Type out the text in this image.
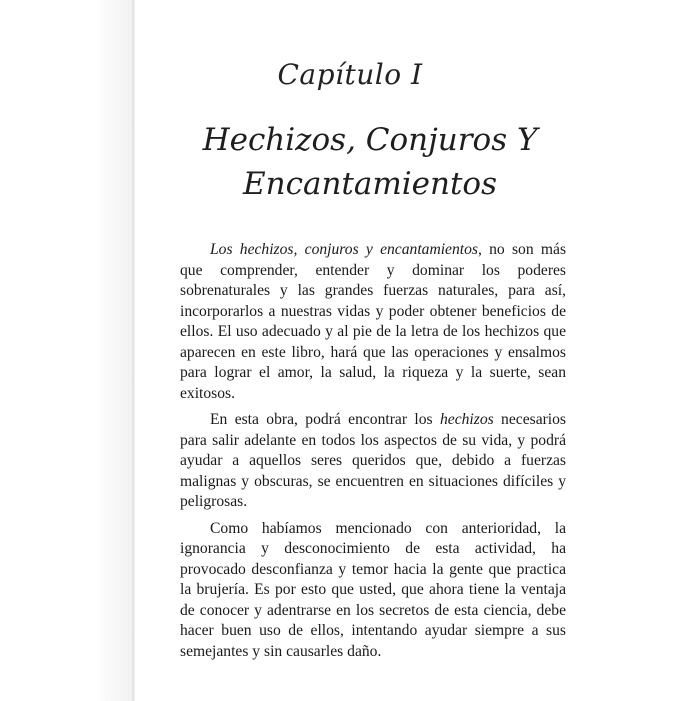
Capítulo I
Hechizos, Conjuros Y
Encantamientos

Los hechizos, conjuros y encantamientos, no son más que comprender, entender y dominar los poderes sobrenaturales y las grandes fuerzas naturales, para así, incorporarlos a nuestras vidas y poder obtener beneficios de ellos. El uso adecuado y al pie de la letra de los hechizos que aparecen en este libro, hará que las operaciones y ensalmos para lograr el amor, la salud, la riqueza y la suerte, sean exitosos.

En esta obra, podrá encontrar los hechizos necesarios para salir adelante en todos los aspectos de su vida, y podrá ayudar a aquellos seres queridos que, debido a fuerzas malignas y obscuras, se encuentren en situaciones difíciles y peligrosas.

Como habíamos mencionado con anterioridad, la ignorancia y desconocimiento de esta actividad, ha provocado desconfianza y temor hacia la gente que practica la brujería. Es por esto que usted, que ahora tiene la ventaja de conocer y adentrarse en los secretos de esta ciencia, debe hacer buen uso de ellos, intentando ayudar siempre a sus semejantes y sin causarles daño.
